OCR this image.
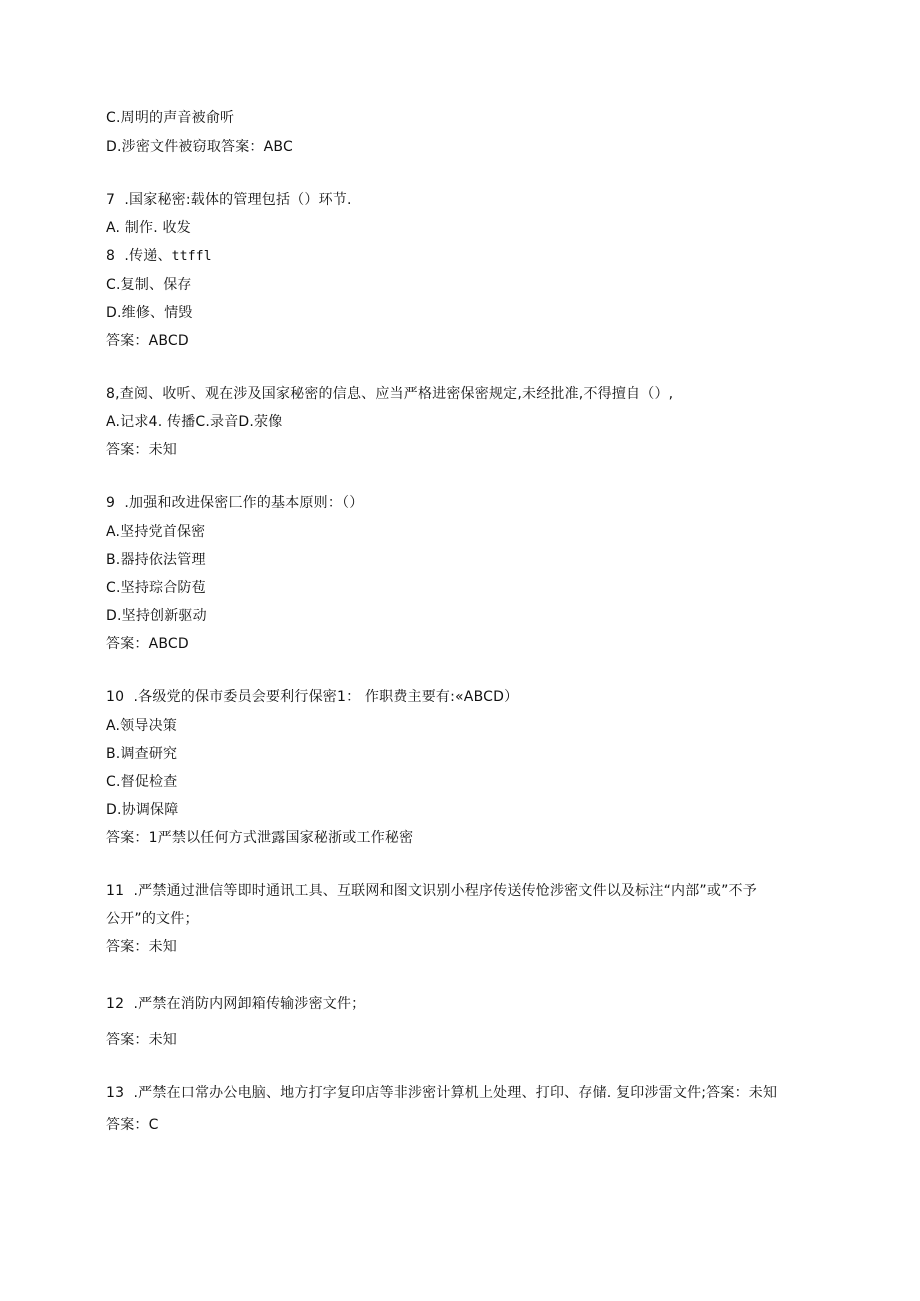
C.周明的声音被俞听
D.涉密文件被窃取答案：ABC
7  .国家秘密:载体的管理包括（）环节.
A. 制作. 收发
8  .传递、ttffl
C.复制、保存
D.维修、情毁
答案：ABCD
8,查阅、收听、观在涉及国家秘密的信息、应当严格进密保密规定,未经批准,不得擅自（）,
A.记求4. 传播C.录音D.荥像
答案：未知
9  .加强和改进保密匚作的基本原则：（）
A.坚持党首保密
B.器持依法管理
C.坚持琮合防苞
D.坚持创新驱动
答案：ABCD
10  .各级党的保市委员会要利行保密1： 作职费主要有:«ABCD）
A.领导决策
B.调查研究
C.督促检查
D.协调保障
答案：1严禁以任何方式泄露国家秘浙或工作秘密
11  .严禁通过泄信等即时通讯工具、互联网和图文识别小程序传送传怆涉密文件以及标注“内部”或”不予
公开”的文件；
答案：未知
12  .严禁在消防内网卸箱传输涉密文件；
答案：未知
13  .严禁在口常办公电脑、地方打字复印店等非涉密计算机上处理、打印、存储. 复印涉雷文件;答案：未知
答案：C
